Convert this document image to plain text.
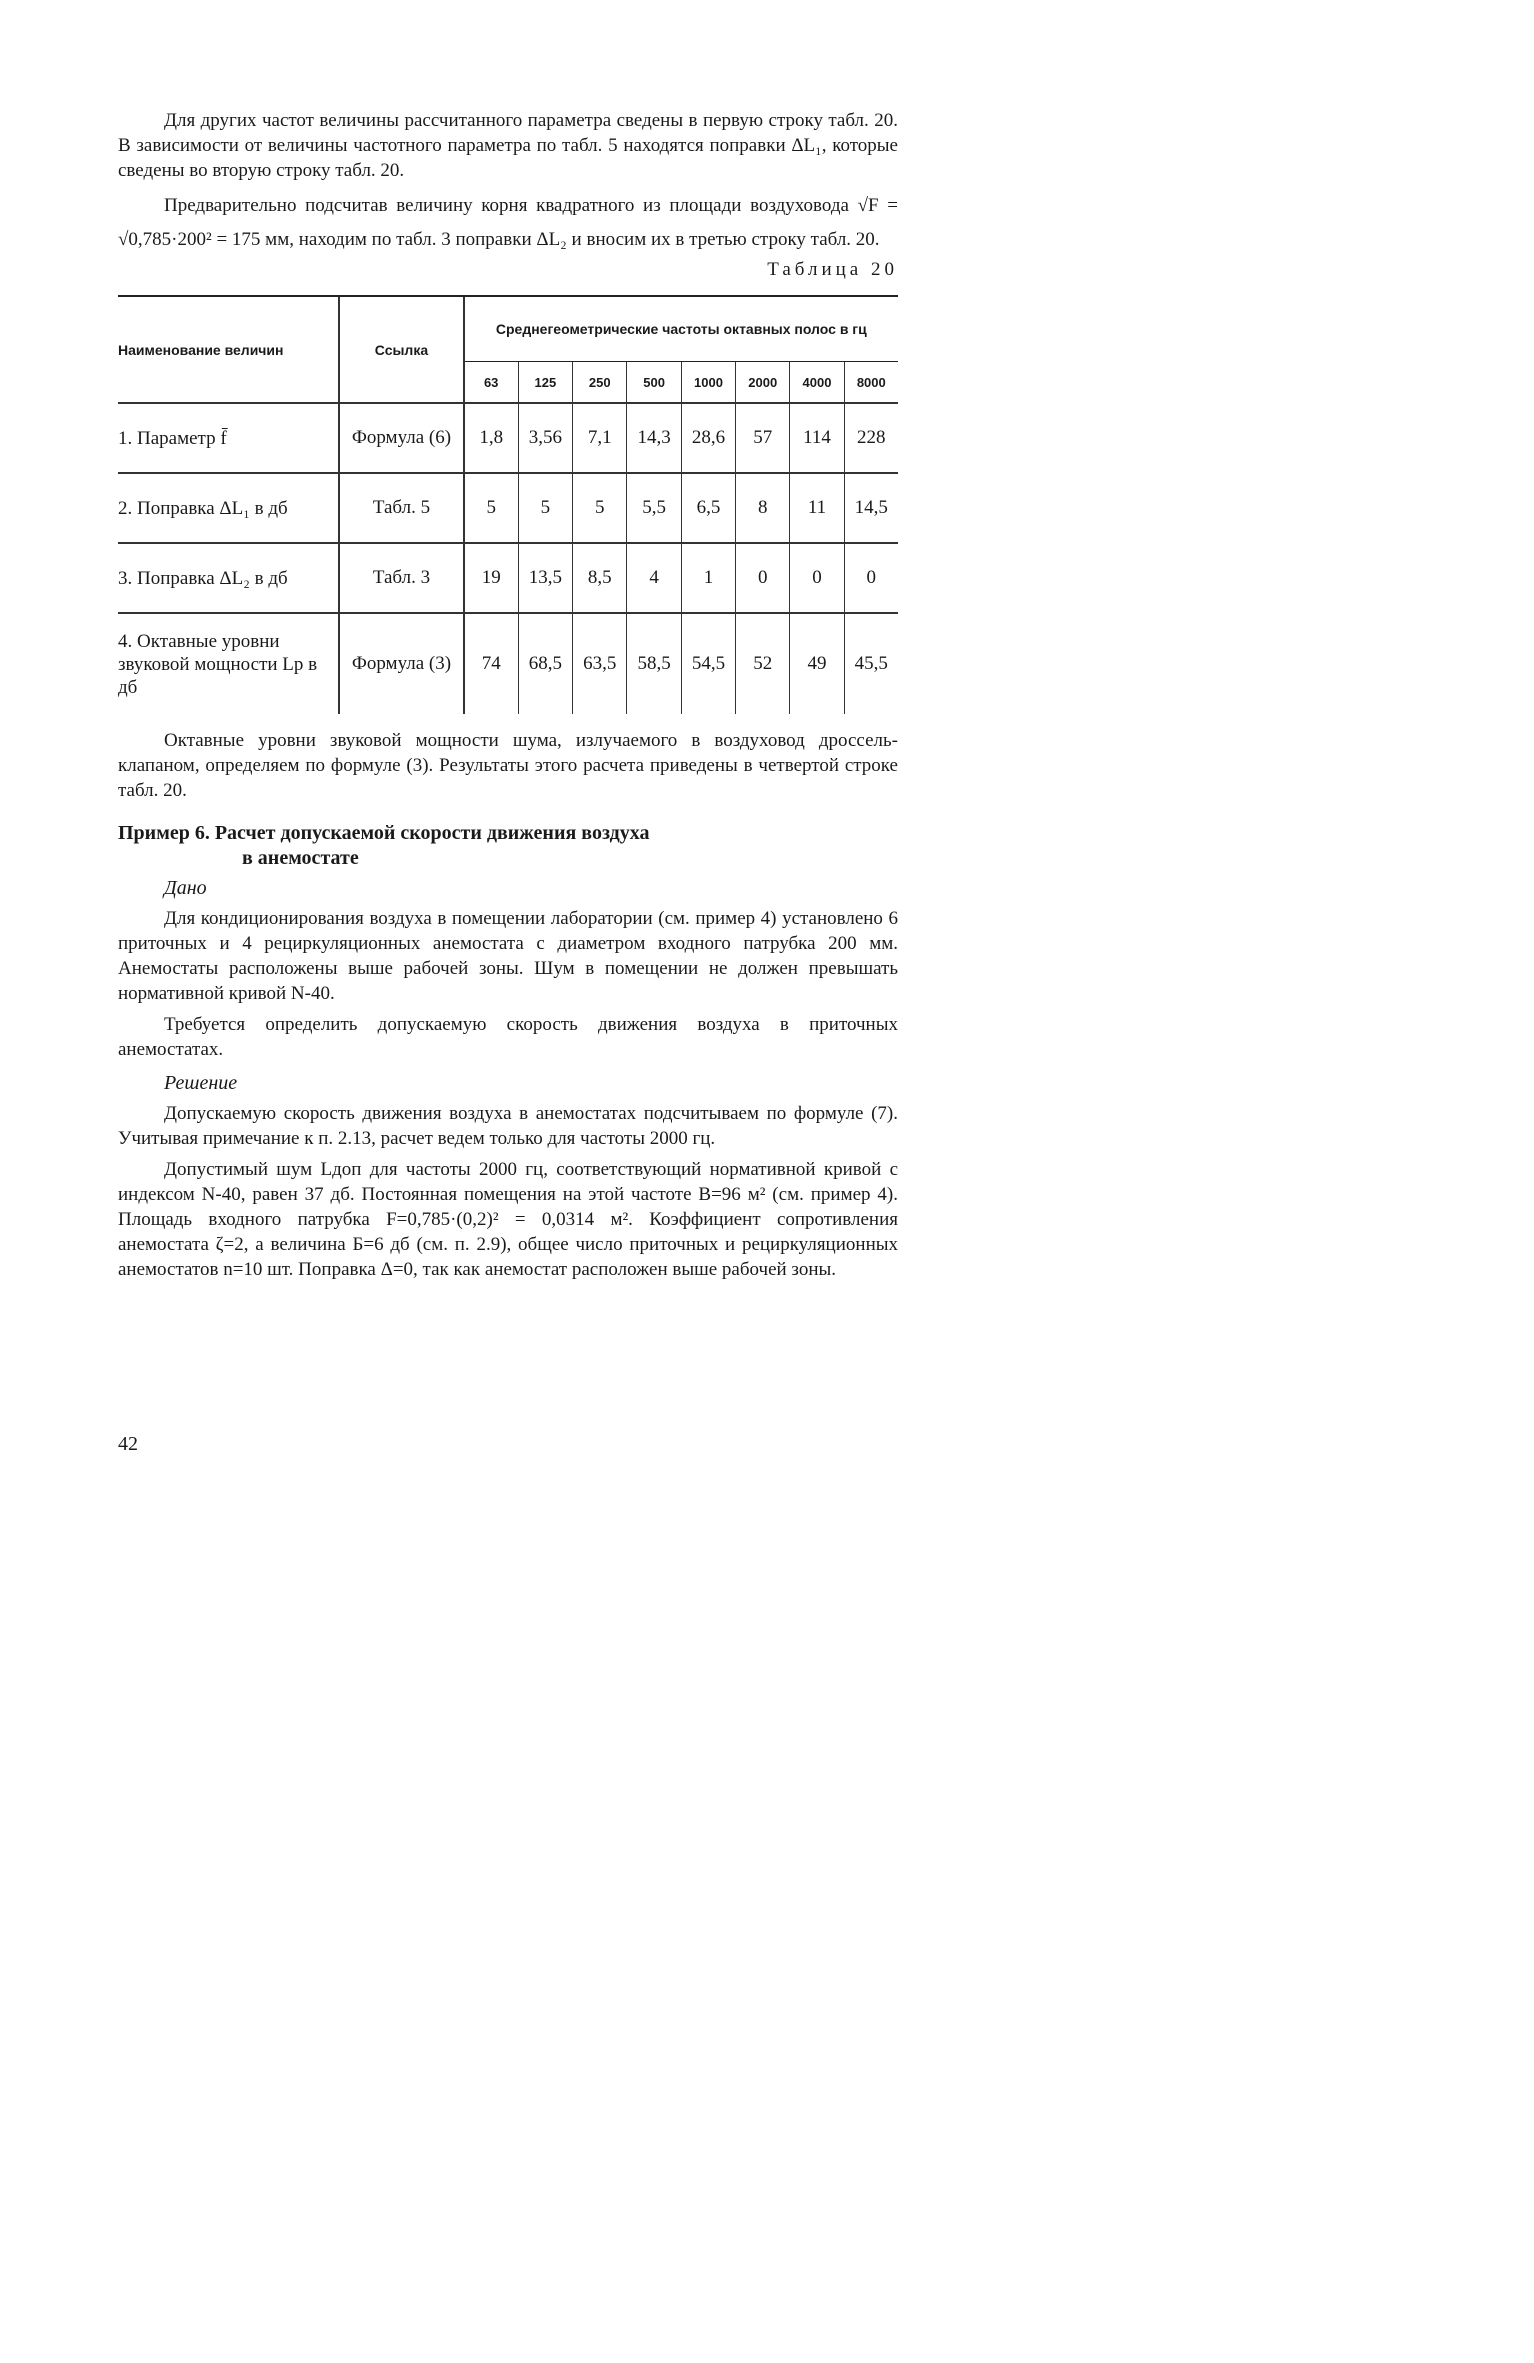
Для других частот величины рассчитанного параметра сведены в первую строку табл. 20. В зависимости от величины частотного параметра по табл. 5 находятся поправки ΔL₁, которые сведены во вторую строку табл. 20.

Предварительно подсчитав величину корня квадратного из площади воздуховода √F = √0,785·200² = 175 мм, находим по табл. 3 поправки ΔL₂ и вносим их в третью строку табл. 20.

Таблица 20
Наименование величин	Ссылка	Среднегеометрические частоты октавных полос в гц							
		63	125	250	500	1000	2000	4000	8000
1. Параметр f̄	Формула (6)	1,8	3,56	7,1	14,3	28,6	57	114	228
2. Поправка ΔL₁ в дб	Табл. 5	5	5	5	5,5	6,5	8	11	14,5
3. Поправка ΔL₂ в дб	Табл. 3	19	13,5	8,5	4	1	0	0	0
4. Октавные уровни звуковой мощности Lр в дб	Формула (3)	74	68,5	63,5	58,5	54,5	52	49	45,5

Октавные уровни звуковой мощности шума, излучаемого в воздуховод дроссель-клапаном, определяем по формуле (3). Результаты этого расчета приведены в четвертой строке табл. 20.

Пример 6. Расчет допускаемой скорости движения воздуха
в анемостате
Дано

Для кондиционирования воздуха в помещении лаборатории (см. пример 4) установлено 6 приточных и 4 рециркуляционных анемостата с диаметром входного патрубка 200 мм. Анемостаты расположены выше рабочей зоны. Шум в помещении не должен превышать нормативной кривой N-40.

Требуется определить допускаемую скорость движения воздуха в приточных анемостатах.

Решение

Допускаемую скорость движения воздуха в анемостатах подсчитываем по формуле (7). Учитывая примечание к п. 2.13, расчет ведем только для частоты 2000 гц.

Допустимый шум Lдоп для частоты 2000 гц, соответствующий нормативной кривой с индексом N-40, равен 37 дб. Постоянная помещения на этой частоте B=96 м² (см. пример 4). Площадь входного патрубка F=0,785·(0,2)² = 0,0314 м². Коэффициент сопротивления анемостата ζ=2, а величина Б=6 дб (см. п. 2.9), общее число приточных и рециркуляционных анемостатов n=10 шт. Поправка Δ=0, так как анемостат расположен выше рабочей зоны.

42
